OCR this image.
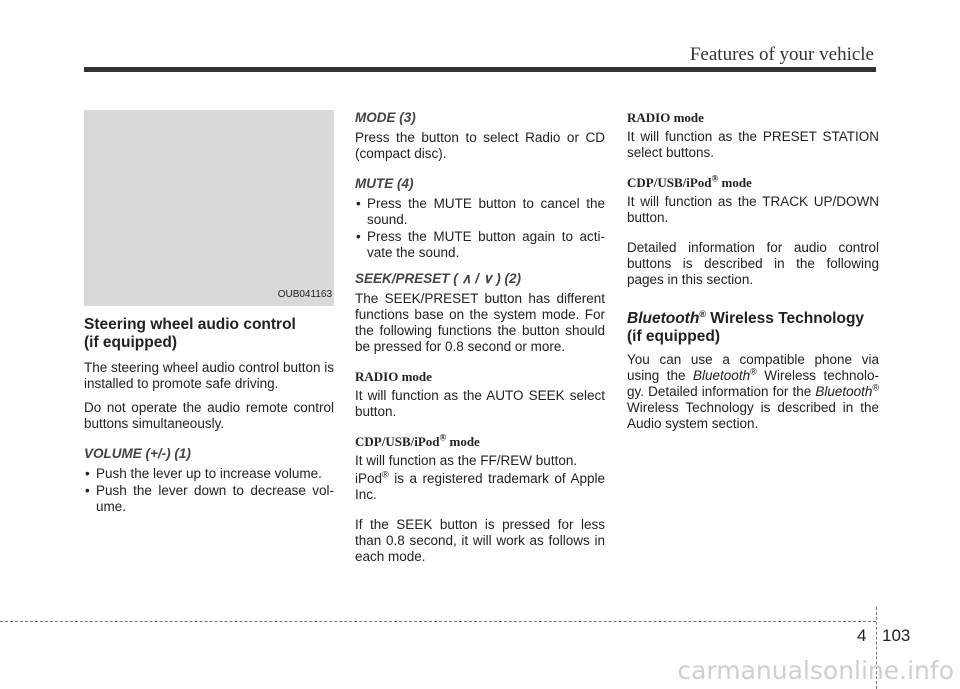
Features of your vehicle
OUB041163
Steering wheel audio control
(if equipped)

The steering wheel audio control button is installed to promote safe driving.

Do not operate the audio remote control buttons simultaneously.

VOLUME (+/-) (1)
• Push the lever up to increase volume.
• Push the lever down to decrease vol-ume.
MODE (3)

Press the button to select Radio or CD (compact disc).

MUTE (4)
• Press the MUTE button to cancel the sound.
• Press the MUTE button again to acti-vate the sound.
SEEK/PRESET ( ∧ / ∨ ) (2)

The SEEK/PRESET button has different functions base on the system mode. For the following functions the button should be pressed for 0.8 second or more.

RADIO mode

It will function as the AUTO SEEK select button.

CDP/USB/iPod® mode

It will function as the FF/REW button.

iPod® is a registered trademark of Apple Inc.

If the SEEK button is pressed for less than 0.8 second, it will work as follows in each mode.

RADIO mode

It will function as the PRESET STATION select buttons.

CDP/USB/iPod® mode

It will function as the TRACK UP/DOWN button.

Detailed information for audio control buttons is described in the following pages in this section.

Bluetooth® Wireless Technology
(if equipped)

You can use a compatible phone via using the Bluetooth® Wireless technolo-gy. Detailed information for the Bluetooth® Wireless Technology is described in the Audio system section.

4 103
carmanualsonline.info
